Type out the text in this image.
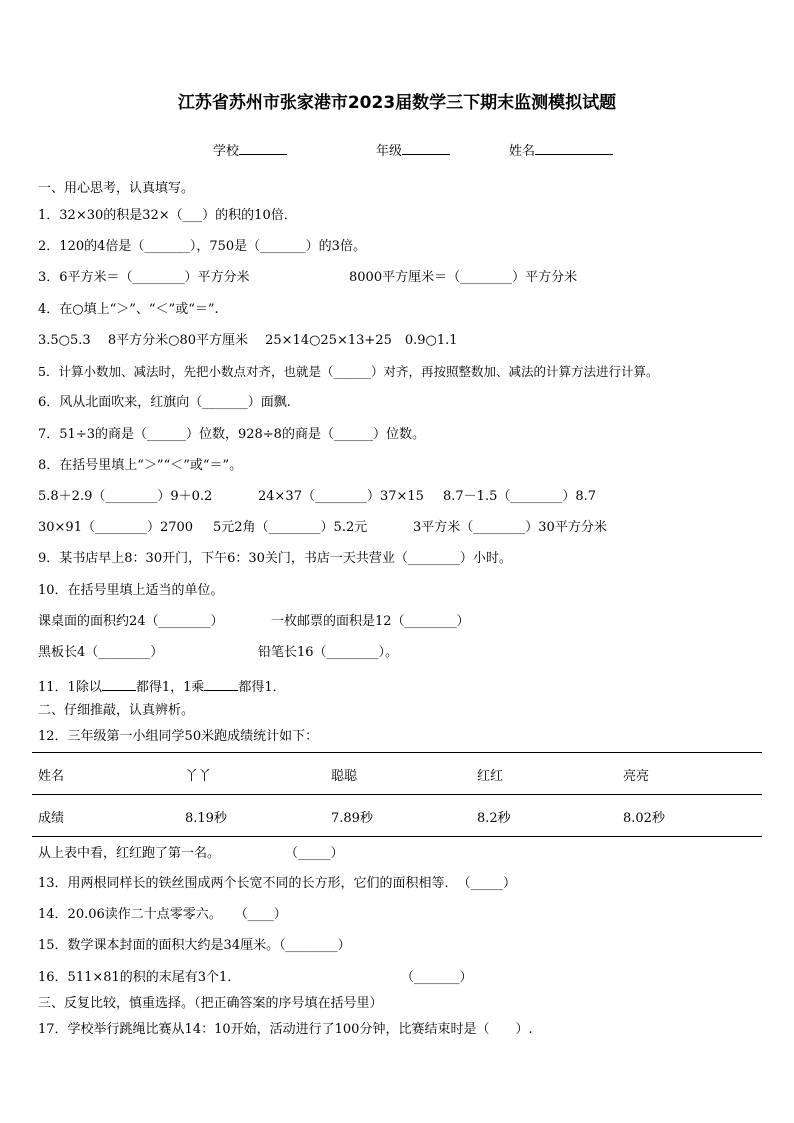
江苏省苏州市张家港市2023届数学三下期末监测模拟试题
学校	年级	姓名
一、用心思考，认真填写。
1．32×30的积是32×（___）的积的10倍．
2．120的4倍是（_______），750是（_______）的3倍。
3．6平方米＝（________）平方分米	8000平方厘米＝（________）平方分米
4．在○填上“＞”、“＜”或“＝”.
3.5○5.3　 8平方分米○80平方厘米　 25×14○25×13+25　0.9○1.1
5．计算小数加、减法时，先把小数点对齐，也就是（______）对齐，再按照整数加、减法的计算方法进行计算。
6．风从北面吹来，红旗向（_______）面飘.
7．51÷3的商是（______）位数，928÷8的商是（______）位数。
8．在括号里填上“＞”“＜”或“＝”。
5.8＋2.9（________）9＋0.2	24×37（________）37×15 8.7－1.5（________）8.7
30×91（________）2700 5元2角（________）5.2元	3平方米（________）30平方分米
9．某书店早上8：30开门，下午6：30关门，书店一天共营业（________）小时。
10．在括号里填上适当的单位。
课桌面的面积约24（________）	一枚邮票的面积是12（________）
黑板长4（________）	铅笔长16（________）。
11．1除以	都得1，1乘	都得1．
二、仔细推敲，认真辨析。
12．三年级第一小组同学50米跑成绩统计如下：
姓名	丫丫	聪聪	红红	亮亮
成绩	8.19秒	7.89秒	8.2秒	8.02秒
从上表中看，红红跑了第一名。　　　　　　（_____）
13．用两根同样长的铁丝围成两个长宽不同的长方形，它们的面积相等．　（_____）
14．20.06读作二十点零零六。　　（____）
15．数学课本封面的面积大约是34厘米。（________）
16．511×81的积的末尾有3个1．	（_______）
三、反复比较，慎重选择。（把正确答案的序号填在括号里）
17．学校举行跳绳比赛从14：10开始，活动进行了100分钟，比赛结束时是（　　）.
